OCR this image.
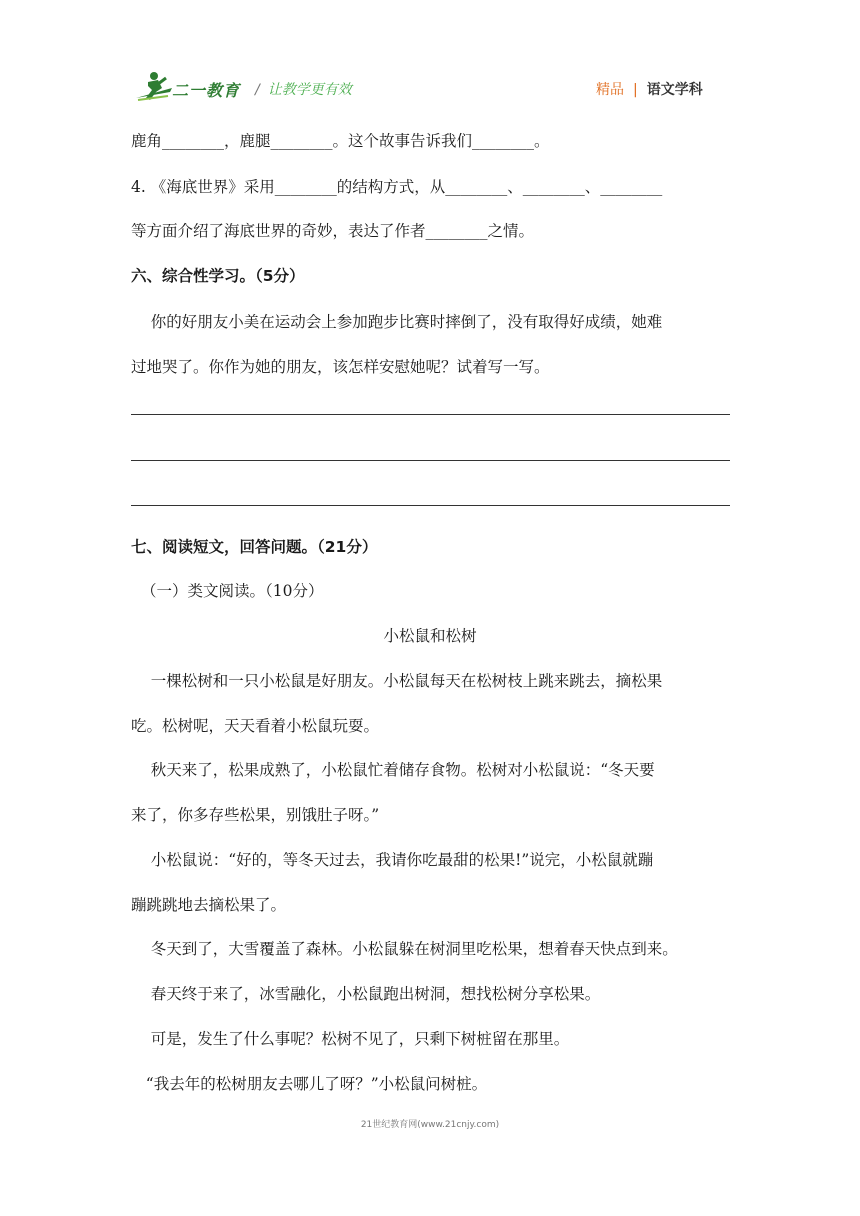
二一教育 / 让教学更有效	精品 | 语文学科
鹿角________，鹿腿________。这个故事告诉我们________。
4. 《海底世界》采用________的结构方式，从________、________、________
等方面介绍了海底世界的奇妙，表达了作者________之情。
六、综合性学习。（5分）
你的好朋友小美在运动会上参加跑步比赛时摔倒了，没有取得好成绩，她难
过地哭了。你作为她的朋友，该怎样安慰她呢？试着写一写。
七、阅读短文，回答问题。（21分）
（一）类文阅读。（10分）
小松鼠和松树
一棵松树和一只小松鼠是好朋友。小松鼠每天在松树枝上跳来跳去，摘松果
吃。松树呢，天天看着小松鼠玩耍。
秋天来了，松果成熟了，小松鼠忙着储存食物。松树对小松鼠说：“冬天要
来了，你多存些松果，别饿肚子呀。”
小松鼠说：“好的，等冬天过去，我请你吃最甜的松果!”说完，小松鼠就蹦
蹦跳跳地去摘松果了。
冬天到了，大雪覆盖了森林。小松鼠躲在树洞里吃松果，想着春天快点到来。
春天终于来了，冰雪融化，小松鼠跑出树洞，想找松树分享松果。
可是，发生了什么事呢？松树不见了，只剩下树桩留在那里。
“我去年的松树朋友去哪儿了呀？”小松鼠问树桩。
21世纪教育网(www.21cnjy.com)
